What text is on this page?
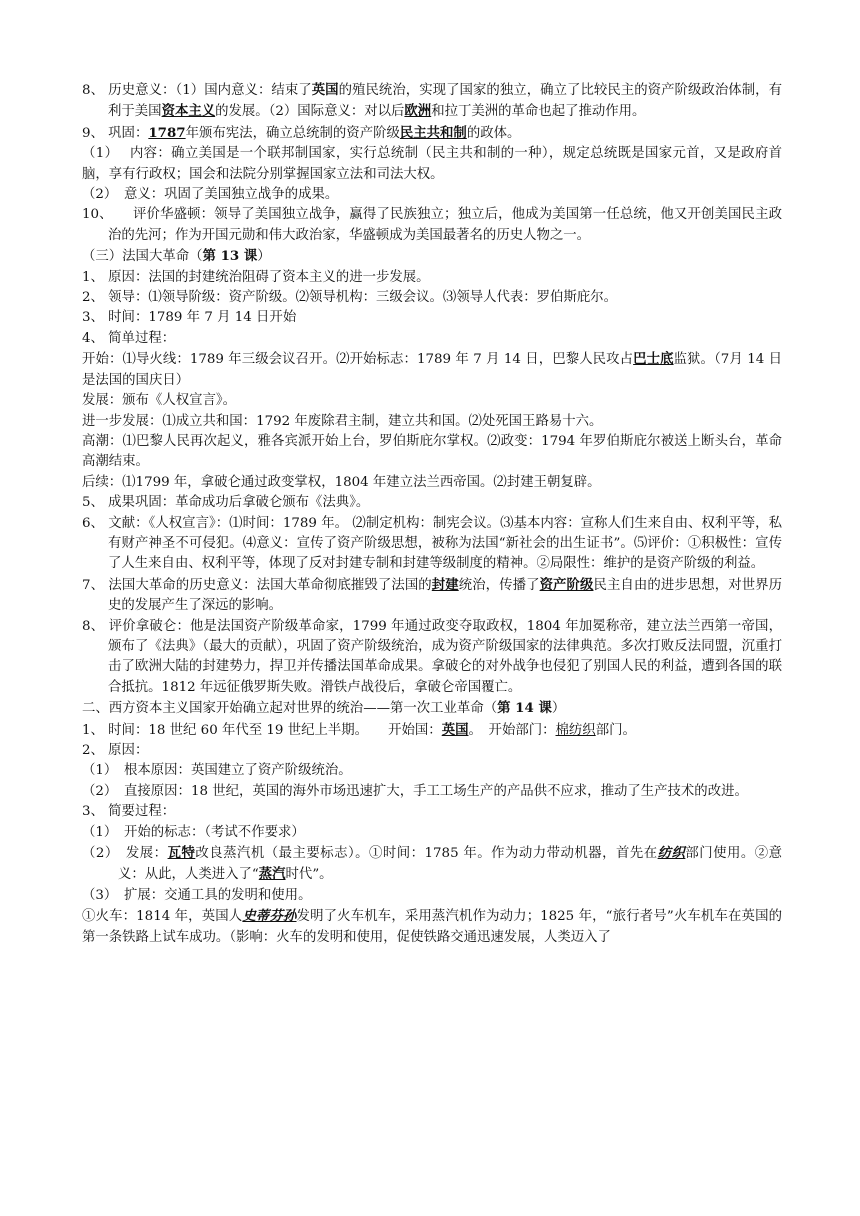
8、 历史意义：（1）国内意义：结束了英国的殖民统治，实现了国家的独立，确立了比较民主的资产阶级政治体制，有利于美国资本主义的发展。（2）国际意义：对以后欧洲和拉丁美洲的革命也起了推动作用。

9、 巩固：1787年颁布宪法，确立总统制的资产阶级民主共和制的政体。

（1）　 内容：确立美国是一个联邦制国家，实行总统制（民主共和制的一种），规定总统既是国家元首，又是政府首脑，享有行政权；国会和法院分别掌握国家立法和司法大权。

（2）　意义：巩固了美国独立战争的成果。

10、　　评价华盛顿：领导了美国独立战争，赢得了民族独立；独立后，他成为美国第一任总统，他又开创美国民主政治的先河；作为开国元勋和伟大政治家，华盛顿成为美国最著名的历史人物之一。

（三）法国大革命（第 13 课）

1、 原因：法国的封建统治阻碍了资本主义的进一步发展。

2、 领导：⑴领导阶级：资产阶级。⑵领导机构：三级会议。⑶领导人代表：罗伯斯庇尔。

3、 时间：1789 年 7 月 14 日开始

4、 简单过程：

开始：⑴导火线：1789 年三级会议召开。⑵开始标志：1789 年 7 月 14 日，巴黎人民攻占巴士底监狱。（7月 14 日是法国的国庆日）

发展：颁布《人权宣言》。

进一步发展：⑴成立共和国：1792 年废除君主制，建立共和国。⑵处死国王路易十六。

高潮：⑴巴黎人民再次起义，雅各宾派开始上台，罗伯斯庇尔掌权。⑵政变：1794 年罗伯斯庇尔被送上断头台，革命高潮结束。

后续：⑴1799 年，拿破仑通过政变掌权，1804 年建立法兰西帝国。⑵封建王朝复辟。

5、 成果巩固：革命成功后拿破仑颁布《法典》。

6、 文献：《人权宣言》：⑴时间：1789 年。 ⑵制定机构：制宪会议。⑶基本内容：宣称人们生来自由、权利平等，私有财产神圣不可侵犯。⑷意义：宣传了资产阶级思想，被称为法国“新社会的出生证书”。⑸评价：①积极性：宣传了人生来自由、权利平等，体现了反对封建专制和封建等级制度的精神。②局限性：维护的是资产阶级的利益。

7、 法国大革命的历史意义：法国大革命彻底摧毁了法国的封建统治，传播了资产阶级民主自由的进步思想，对世界历史的发展产生了深远的影响。

8、 评价拿破仑：他是法国资产阶级革命家，1799 年通过政变夺取政权，1804 年加冕称帝，建立法兰西第一帝国，颁布了《法典》（最大的贡献），巩固了资产阶级统治，成为资产阶级国家的法律典范。多次打败反法同盟，沉重打击了欧洲大陆的封建势力，捍卫并传播法国革命成果。拿破仑的对外战争也侵犯了别国人民的利益，遭到各国的联合抵抗。1812 年远征俄罗斯失败。滑铁卢战役后，拿破仑帝国覆亡。

二、西方资本主义国家开始确立起对世界的统治——第一次工业革命（第 14 课）

1、 时间：18 世纪 60 年代至 19 世纪上半期。　　开始国：英国。　开始部门：棉纺织部门。

2、 原因：

（1）　根本原因：英国建立了资产阶级统治。

（2）　直接原因：18 世纪，英国的海外市场迅速扩大，手工工场生产的产品供不应求，推动了生产技术的改进。

3、 简要过程：

（1）　开始的标志：（考试不作要求）

（2）　发展：瓦特改良蒸汽机（最主要标志）。①时间：1785 年。作为动力带动机器，首先在纺织部门使用。②意义：从此，人类进入了“蒸汽时代”。

（3）　扩展：交通工具的发明和使用。

①火车：1814 年，英国人史蒂芬孙发明了火车机车，采用蒸汽机作为动力；1825 年，“旅行者号”火车机车在英国的第一条铁路上试车成功。（影响：火车的发明和使用，促使铁路交通迅速发展，人类迈入了
